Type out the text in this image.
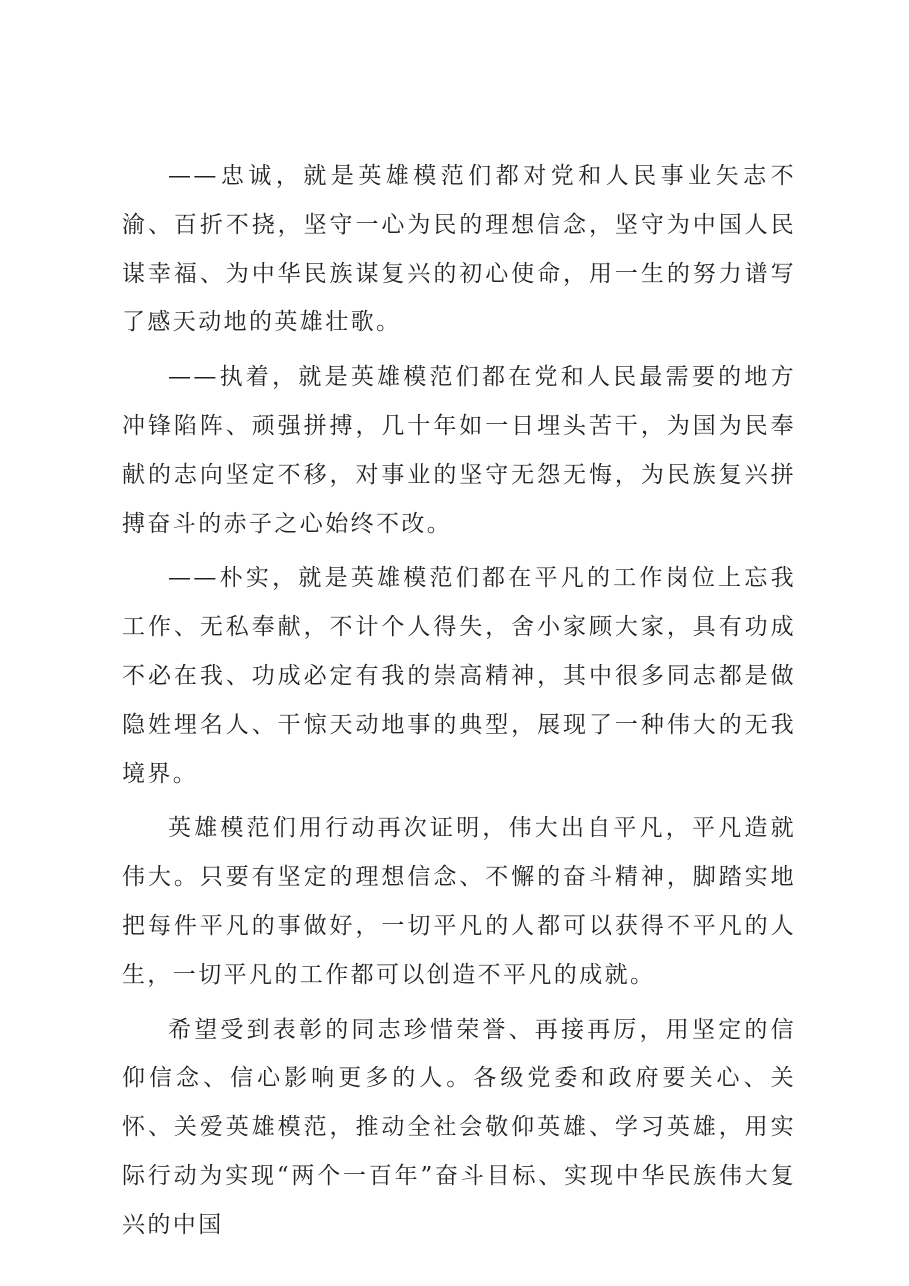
——忠诚，就是英雄模范们都对党和人民事业矢志不渝、百折不挠，坚守一心为民的理想信念，坚守为中国人民谋幸福、为中华民族谋复兴的初心使命，用一生的努力谱写了感天动地的英雄壮歌。

——执着，就是英雄模范们都在党和人民最需要的地方冲锋陷阵、顽强拼搏，几十年如一日埋头苦干，为国为民奉献的志向坚定不移，对事业的坚守无怨无悔，为民族复兴拼搏奋斗的赤子之心始终不改。

——朴实，就是英雄模范们都在平凡的工作岗位上忘我工作、无私奉献，不计个人得失，舍小家顾大家，具有功成不必在我、功成必定有我的崇高精神，其中很多同志都是做隐姓埋名人、干惊天动地事的典型，展现了一种伟大的无我境界。

英雄模范们用行动再次证明，伟大出自平凡，平凡造就伟大。只要有坚定的理想信念、不懈的奋斗精神，脚踏实地把每件平凡的事做好，一切平凡的人都可以获得不平凡的人生，一切平凡的工作都可以创造不平凡的成就。

希望受到表彰的同志珍惜荣誉、再接再厉，用坚定的信仰信念、信心影响更多的人。各级党委和政府要关心、关怀、关爱英雄模范，推动全社会敬仰英雄、学习英雄，用实际行动为实现“两个一百年”奋斗目标、实现中华民族伟大复兴的中国
